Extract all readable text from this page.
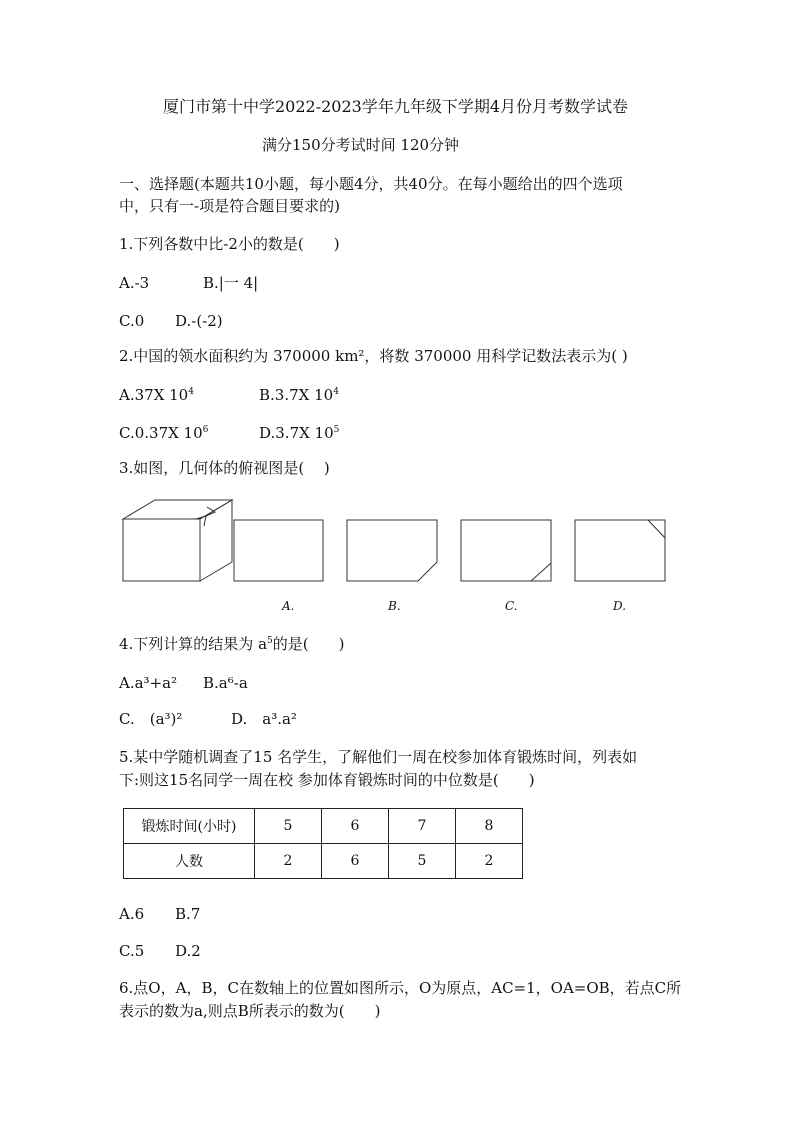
厦门市第十中学2022-2023学年九年级下学期4月份月考数学试卷
满分150分考试时间 120分钟
一、选择题(本题共10小题，每小题4分，共40分。在每小题给出的四个选项
中，只有一-项是符合题目要求的)
1.下列各数中比-2小的数是(　　)
A.-3	B.|一 4|
C.0 D.-(-2)
2.中国的领水面积约为 370000 km²，将数 370000 用科学记数法表示为( )
A.37X $10^4$	B.3.7X $10^4$
C.0.37X $10^6$	D.3.7X $10^5$
3.如图，几何体的俯视图是(　 )
A.	B.	C.	D.
4.下列计算的结果为 $a^5$的是(　　)
A.a³+a² B.a⁶-a
C.　(a³)²	D.　a³.a²
5.某中学随机调查了15 名学生，了解他们一周在校参加体育锻炼时间，列表如
下:则这15名同学一周在校 参加体育锻炼时间的中位数是(　　)
锻炼时间(小时)	5	6	7	8
人数	2	6	5	2
A.6 B.7
C.5 D.2
6.点O，A，B，C在数轴上的位置如图所示，O为原点，AC=1，OA=OB，若点C所
表示的数为a,则点B所表示的数为(　　)
